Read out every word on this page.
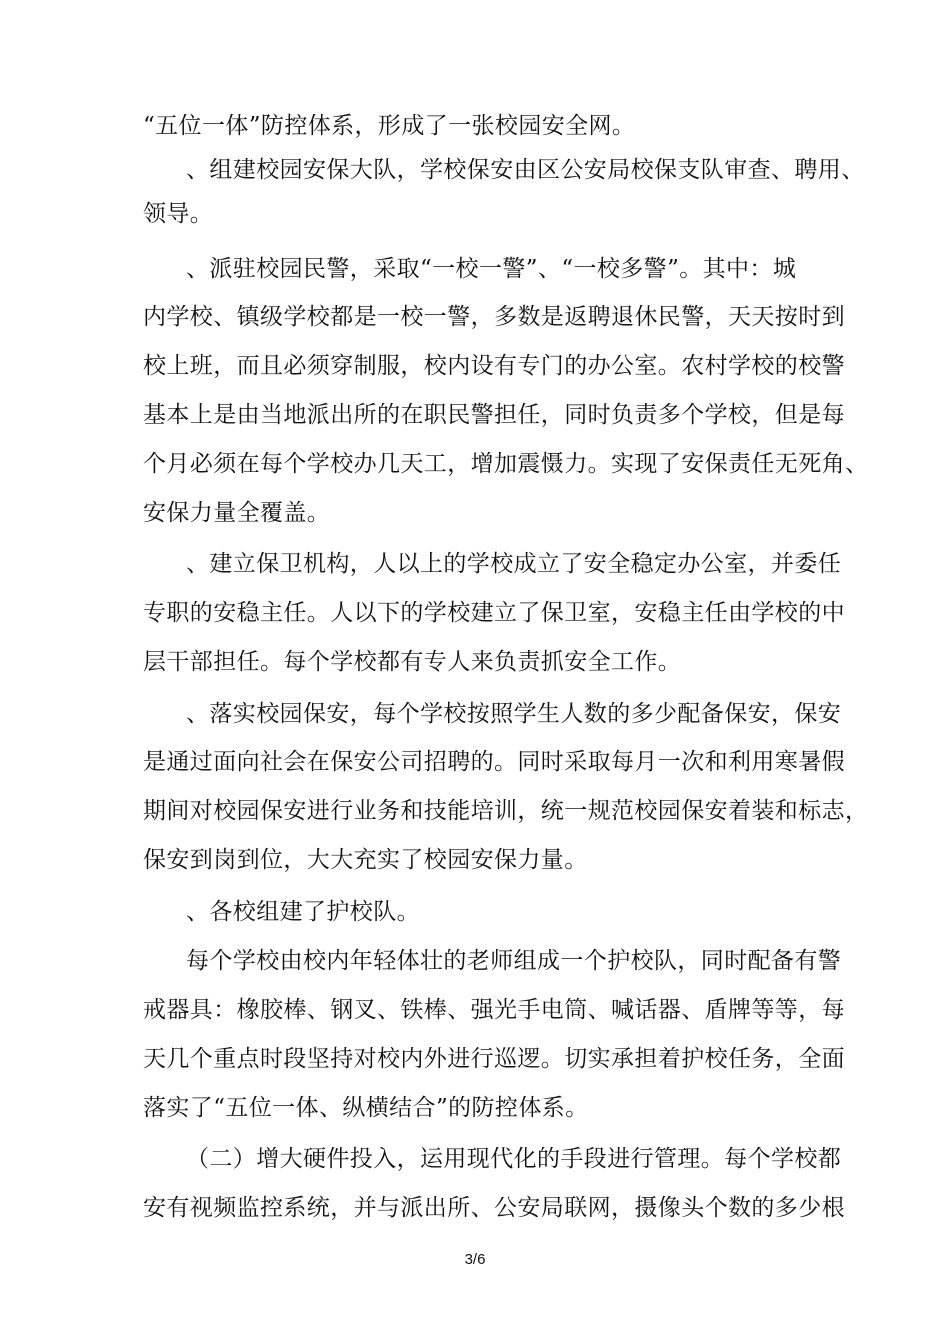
“五位一体”防控体系，形成了一张校园安全网。
、组建校园安保大队，学校保安由区公安局校保支队审查、聘用、
领导。
、派驻校园民警，采取“一校一警”、“一校多警”。其中：城
内学校、镇级学校都是一校一警，多数是返聘退休民警，天天按时到
校上班，而且必须穿制服，校内设有专门的办公室。农村学校的校警
基本上是由当地派出所的在职民警担任，同时负责多个学校，但是每
个月必须在每个学校办几天工，增加震慑力。实现了安保责任无死角、
安保力量全覆盖。
、建立保卫机构，人以上的学校成立了安全稳定办公室，并委任
专职的安稳主任。人以下的学校建立了保卫室，安稳主任由学校的中
层干部担任。每个学校都有专人来负责抓安全工作。
、落实校园保安，每个学校按照学生人数的多少配备保安，保安
是通过面向社会在保安公司招聘的。同时采取每月一次和利用寒暑假
期间对校园保安进行业务和技能培训，统一规范校园保安着装和标志，
保安到岗到位，大大充实了校园安保力量。
、各校组建了护校队。
每个学校由校内年轻体壮的老师组成一个护校队，同时配备有警
戒器具：橡胶棒、钢叉、铁棒、强光手电筒、喊话器、盾牌等等，每
天几个重点时段坚持对校内外进行巡逻。切实承担着护校任务，全面
落实了“五位一体、纵横结合”的防控体系。
（二）增大硬件投入，运用现代化的手段进行管理。每个学校都
安有视频监控系统，并与派出所、公安局联网，摄像头个数的多少根
3/6
